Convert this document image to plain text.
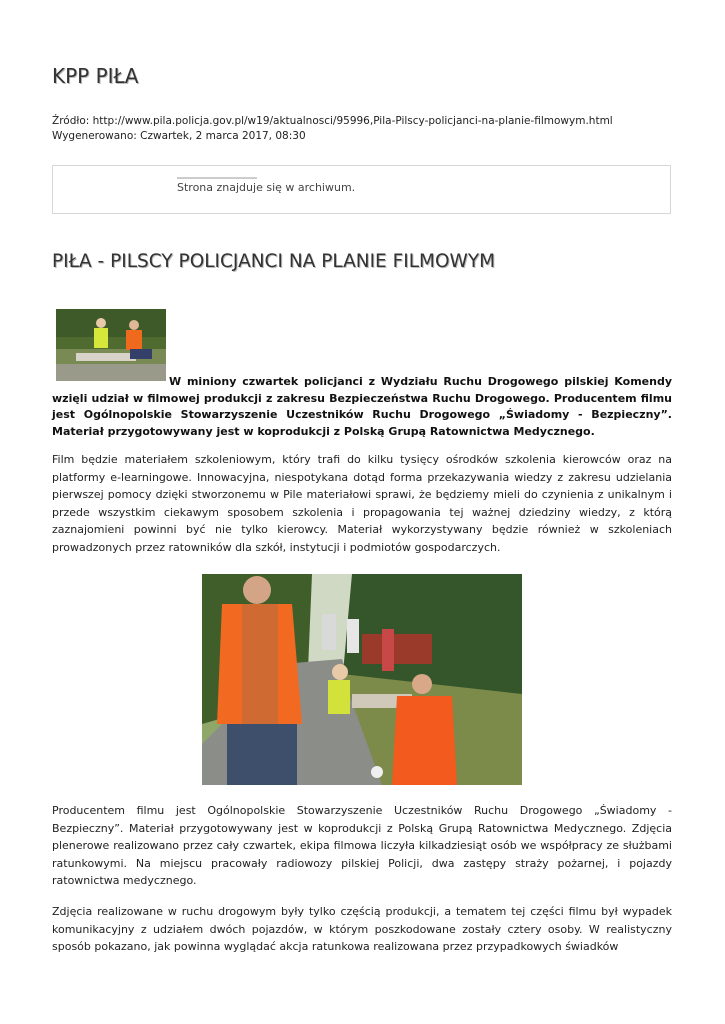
KPP PIŁA
Źródło: http://www.pila.policja.gov.pl/w19/aktualnosci/95996,Pila-Pilscy-policjanci-na-planie-filmowym.html
Wygenerowano: Czwartek, 2 marca 2017, 08:30
Strona znajduje się w archiwum.
PIŁA - PILSCY POLICJANCI NA PLANIE FILMOWYM
W miniony czwartek policjanci z Wydziału Ruchu Drogowego pilskiej Komendy wzięli udział w filmowej produkcji z zakresu Bezpieczeństwa Ruchu Drogowego. Producentem filmu jest Ogólnopolskie Stowarzyszenie Uczestników Ruchu Drogowego „Świadomy - Bezpieczny”. Materiał przygotowywany jest w koprodukcji z Polską Grupą Ratownictwa Medycznego.

Film będzie materiałem szkoleniowym, który trafi do kilku tysięcy ośrodków szkolenia kierowców oraz na platformy e-learningowe. Innowacyjna, niespotykana dotąd forma przekazywania wiedzy z zakresu udzielania pierwszej pomocy dzięki stworzonemu w Pile materiałowi sprawi, że będziemy mieli do czynienia z unikalnym i przede wszystkim ciekawym sposobem szkolenia i propagowania tej ważnej dziedziny wiedzy, z którą zaznajomieni powinni być nie tylko kierowcy. Materiał wykorzystywany będzie również w szkoleniach prowadzonych przez ratowników dla szkół, instytucji i podmiotów gospodarczych.

Producentem filmu jest Ogólnopolskie Stowarzyszenie Uczestników Ruchu Drogowego „Świadomy - Bezpieczny”. Materiał przygotowywany jest w koprodukcji z Polską Grupą Ratownictwa Medycznego. Zdjęcia plenerowe realizowano przez cały czwartek, ekipa filmowa liczyła kilkadziesiąt osób we współpracy ze służbami ratunkowymi. Na miejscu pracowały radiowozy pilskiej Policji, dwa zastępy straży pożarnej, i pojazdy ratownictwa medycznego.

Zdjęcia realizowane w ruchu drogowym były tylko częścią produkcji, a tematem tej części filmu był wypadek komunikacyjny z udziałem dwóch pojazdów, w którym poszkodowane zostały cztery osoby. W realistyczny sposób pokazano, jak powinna wyglądać akcja ratunkowa realizowana przez przypadkowych świadków
